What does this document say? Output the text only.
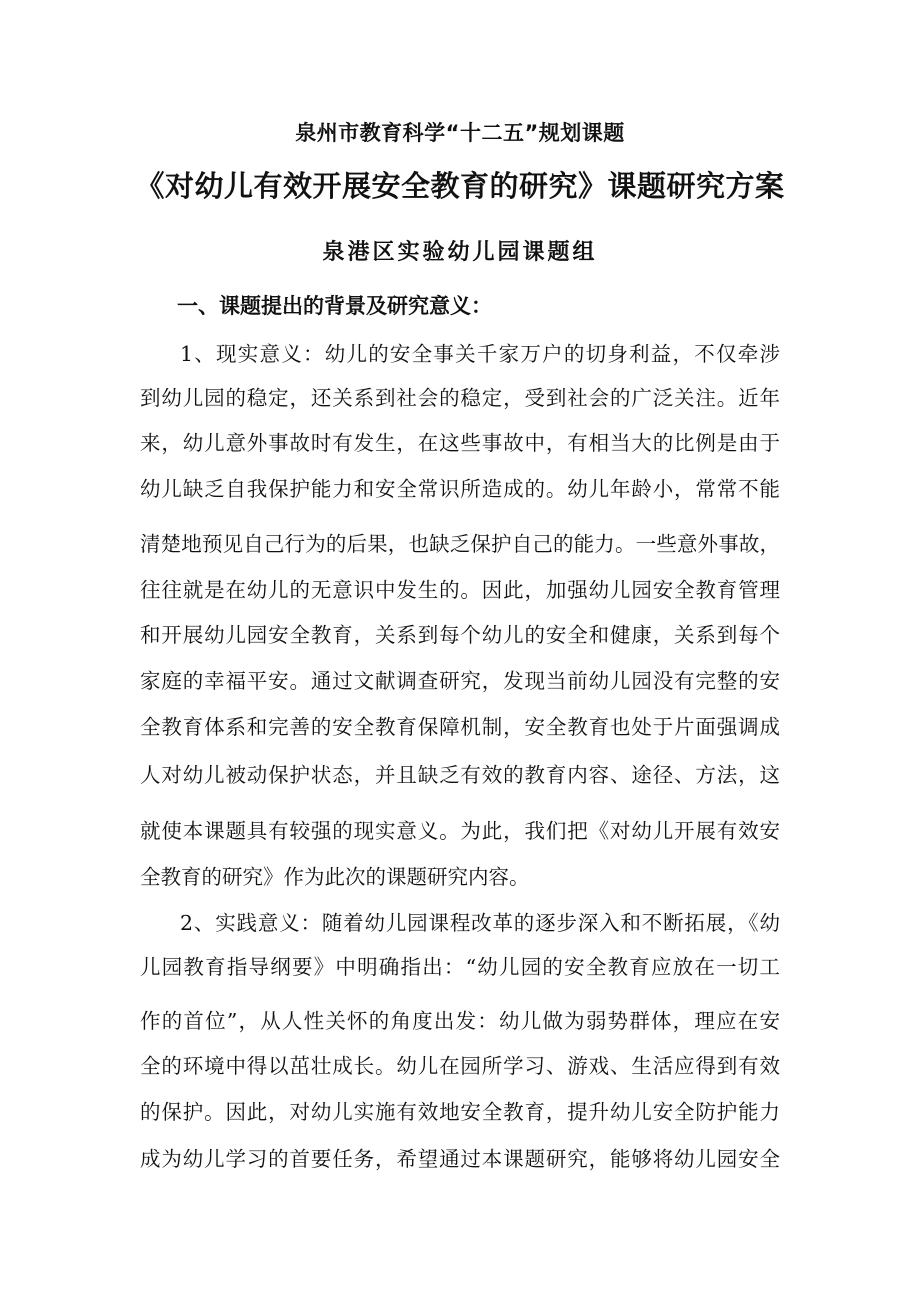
泉州市教育科学“十二五”规划课题
《对幼儿有效开展安全教育的研究》课题研究方案
泉港区实验幼儿园课题组
一、课题提出的背景及研究意义：
1、现实意义：幼儿的安全事关千家万户的切身利益，不仅牵涉
到幼儿园的稳定，还关系到社会的稳定，受到社会的广泛关注。近年
来，幼儿意外事故时有发生，在这些事故中，有相当大的比例是由于
幼儿缺乏自我保护能力和安全常识所造成的。幼儿年龄小，常常不能
清楚地预见自己行为的后果，也缺乏保护自己的能力。一些意外事故，
往往就是在幼儿的无意识中发生的。因此，加强幼儿园安全教育管理
和开展幼儿园安全教育，关系到每个幼儿的安全和健康，关系到每个
家庭的幸福平安。通过文献调查研究，发现当前幼儿园没有完整的安
全教育体系和完善的安全教育保障机制，安全教育也处于片面强调成
人对幼儿被动保护状态，并且缺乏有效的教育内容、途径、方法，这
就使本课题具有较强的现实意义。为此，我们把《对幼儿开展有效安
全教育的研究》作为此次的课题研究内容。
2、实践意义：随着幼儿园课程改革的逐步深入和不断拓展，《幼
儿园教育指导纲要》中明确指出：“幼儿园的安全教育应放在一切工
作的首位”，从人性关怀的角度出发：幼儿做为弱势群体，理应在安
全的环境中得以茁壮成长。幼儿在园所学习、游戏、生活应得到有效
的保护。因此，对幼儿实施有效地安全教育，提升幼儿安全防护能力
成为幼儿学习的首要任务，希望通过本课题研究，能够将幼儿园安全
